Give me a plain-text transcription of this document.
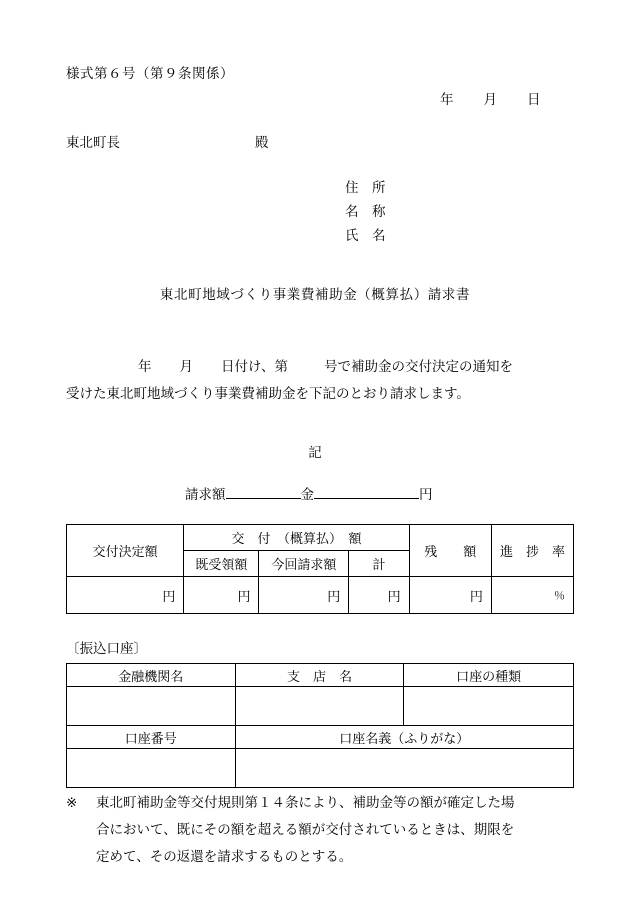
様式第６号（第９条関係）
年 月 日
東北町長	殿
住　所
名　称
氏　名
東北町地域づくり事業費補助金（概算払）請求書
年 月 日付け、第	号で補助金の交付決定の通知を
受けた東北町地域づくり事業費補助金を下記のとおり請求します。
記
請求額	金	円
交付決定額	交　付　（概算払）　額			残　　額	進　捗　率
	既受領額	今回請求額	計		
円	円	円	円	円	％
〔振込口座〕
金融機関名	支　店　名	口座の種類

口座番号	口座名義（ふりがな）	

※ 東北町補助金等交付規則第１４条により、補助金等の額が確定した場
合において、既にその額を超える額が交付されているときは、期限を
定めて、その返還を請求するものとする。
